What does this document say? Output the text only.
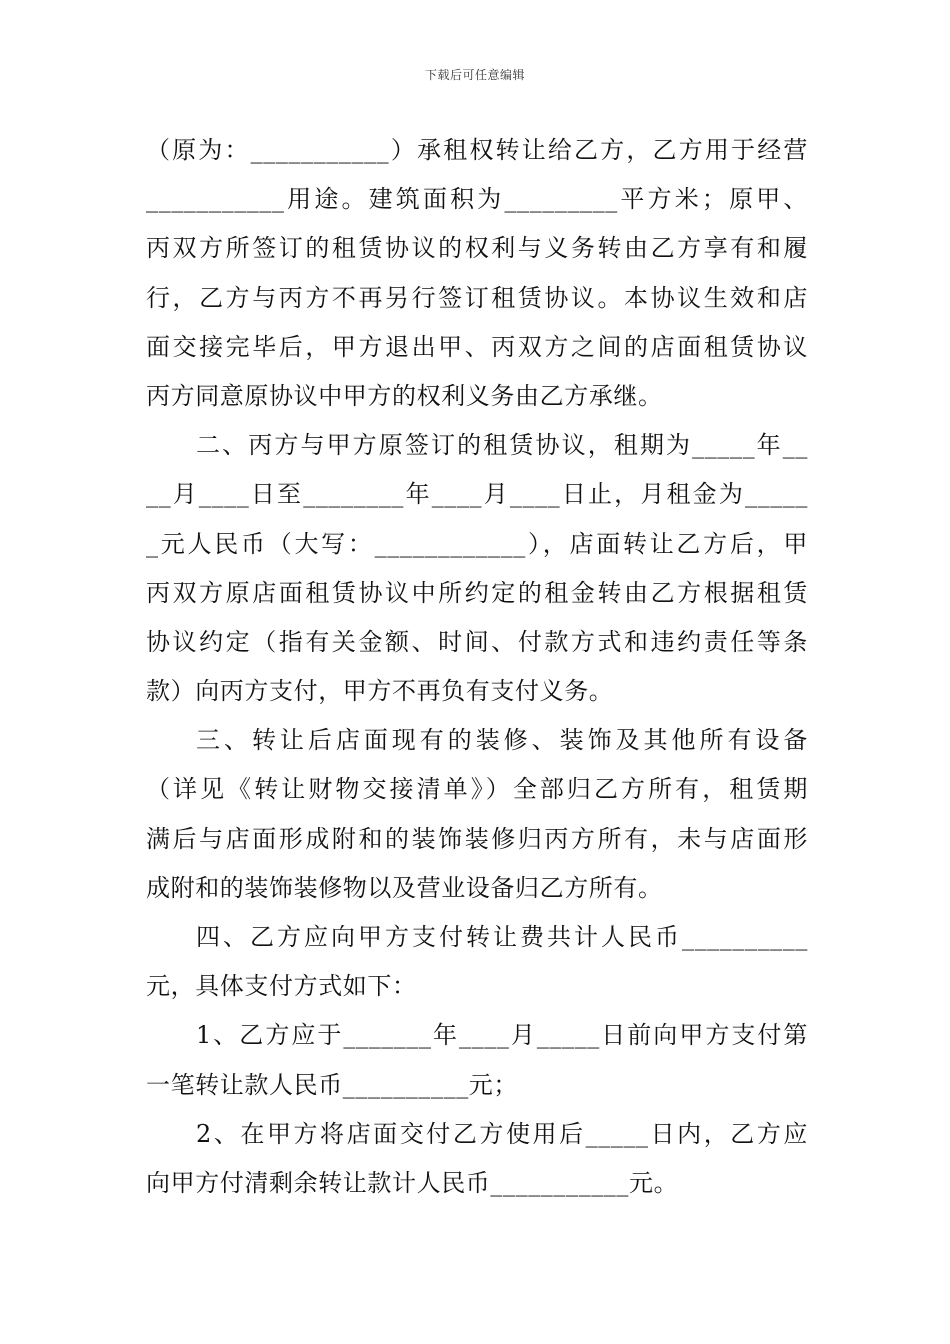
下载后可任意编辑
（原为：___________）承租权转让给乙方，乙方用于经营
___________用途。建筑面积为_________平方米；原甲、
丙双方所签订的租赁协议的权利与义务转由乙方享有和履
行，乙方与丙方不再另行签订租赁协议。本协议生效和店
面交接完毕后，甲方退出甲、丙双方之间的店面租赁协议
丙方同意原协议中甲方的权利义务由乙方承继。
二、丙方与甲方原签订的租赁协议，租期为_____年__
__月____日至________年____月____日止，月租金为_____
_元人民币（大写：____________），店面转让乙方后，甲
丙双方原店面租赁协议中所约定的租金转由乙方根据租赁
协议约定（指有关金额、时间、付款方式和违约责任等条
款）向丙方支付，甲方不再负有支付义务。
三、转让后店面现有的装修、装饰及其他所有设备
（详见《转让财物交接清单》）全部归乙方所有，租赁期
满后与店面形成附和的装饰装修归丙方所有，未与店面形
成附和的装饰装修物以及营业设备归乙方所有。
四、乙方应向甲方支付转让费共计人民币__________
元，具体支付方式如下：
1、乙方应于_______年____月_____日前向甲方支付第
一笔转让款人民币__________元；
2、在甲方将店面交付乙方使用后_____日内，乙方应
向甲方付清剩余转让款计人民币___________元。
